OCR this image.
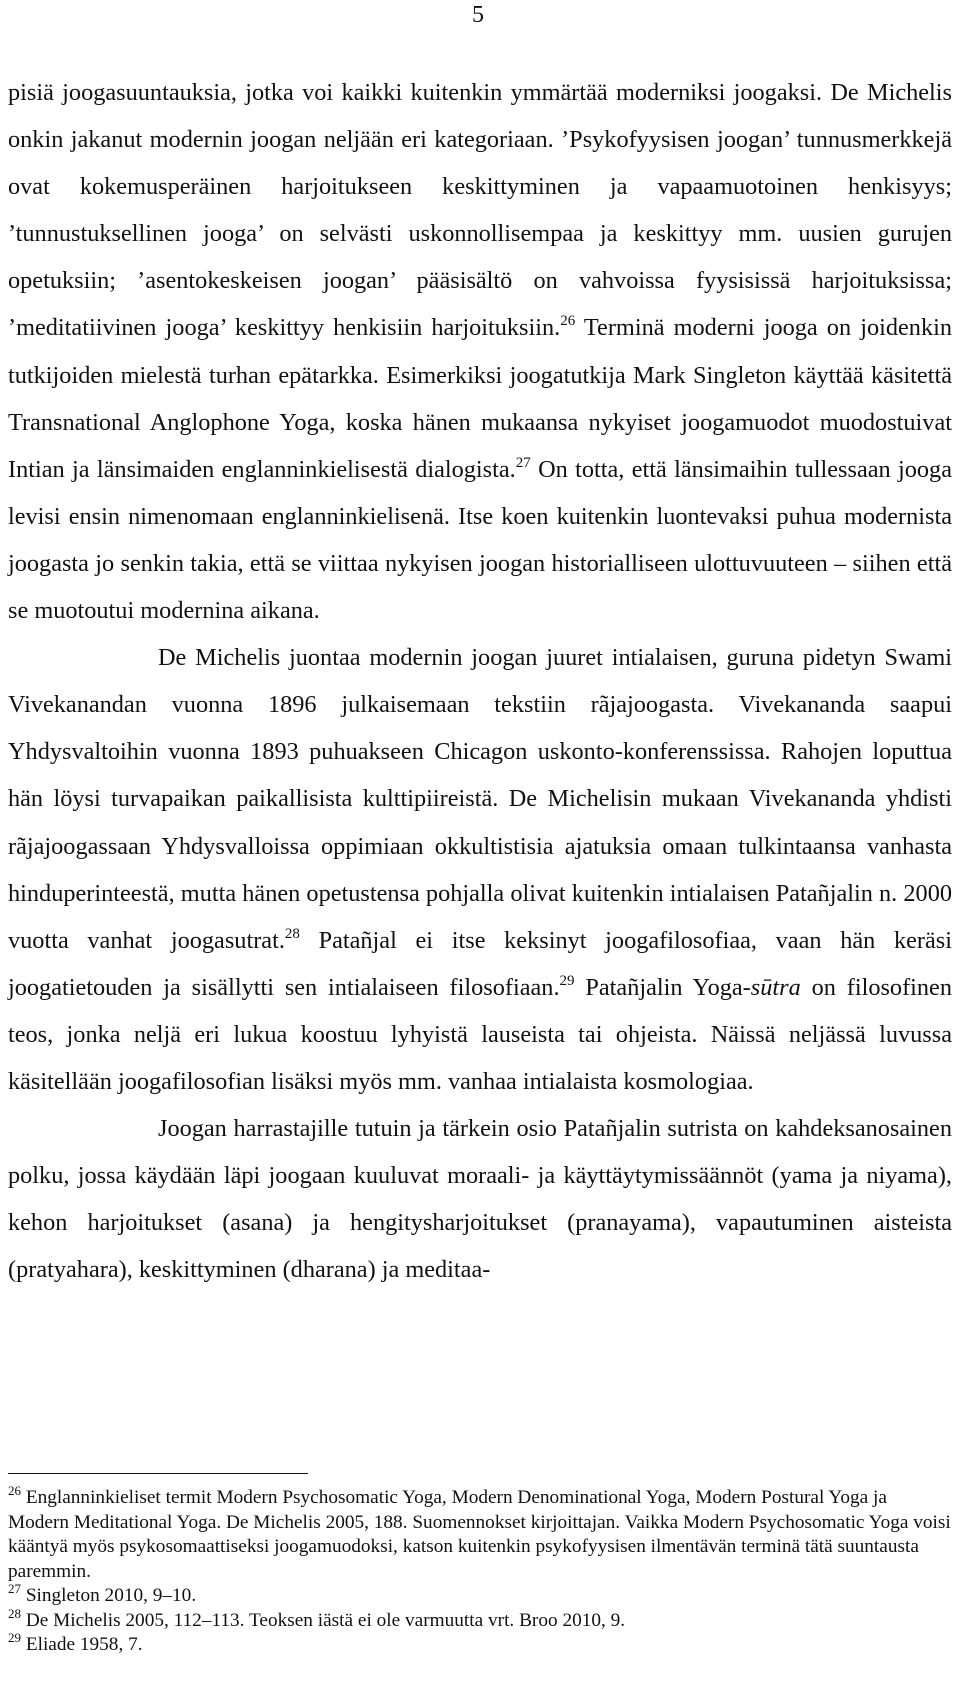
5

pisiä joogasuuntauksia, jotka voi kaikki kuitenkin ymmärtää moderniksi joogaksi. De Michelis onkin jakanut modernin joogan neljään eri kategoriaan. ’Psykofyysisen joogan’ tunnusmerkkejä ovat kokemusperäinen harjoitukseen keskittyminen ja vapaamuotoinen henkisyys; ’tunnustuksellinen jooga’ on selvästi uskonnollisempaa ja keskittyy mm. uusien gurujen opetuksiin; ’asentokeskeisen joogan’ pääsisältö on vahvoissa fyysisissä harjoituksissa; ’meditatiivinen jooga’ keskittyy henkisiin harjoituksiin.$^{26}$ Terminä moderni jooga on joidenkin tutkijoiden mielestä turhan epätarkka. Esimerkiksi joogatutkija Mark Singleton käyttää käsitettä Transnational Anglophone Yoga, koska hänen mukaansa nykyiset joogamuodot muodostuivat Intian ja länsimaiden englanninkielisestä dialogista.$^{27}$ On totta, että länsimaihin tullessaan jooga levisi ensin nimenomaan englanninkielisenä. Itse koen kuitenkin luontevaksi puhua modernista joogasta jo senkin takia, että se viittaa nykyisen joogan historialliseen ulottuvuuteen – siihen että se muotoutui modernina aikana.

De Michelis juontaa modernin joogan juuret intialaisen, guruna pidetyn Swami Vivekanandan vuonna 1896 julkaisemaan tekstiin rãjajoogasta. Vivekananda saapui Yhdysvaltoihin vuonna 1893 puhuakseen Chicagon uskonto-konferenssissa. Rahojen loputtua hän löysi turvapaikan paikallisista kulttipiireistä. De Michelisin mukaan Vivekananda yhdisti rãjajoogassaan Yhdysvalloissa oppimiaan okkultistisia ajatuksia omaan tulkintaansa vanhasta hinduperinteestä, mutta hänen opetustensa pohjalla olivat kuitenkin intialaisen Patañjalin n. 2000 vuotta vanhat joogasutrat.$^{28}$ Patañjal ei itse keksinyt joogafilosofiaa, vaan hän keräsi joogatietouden ja sisällytti sen intialaiseen filosofiaan.$^{29}$ Patañjalin Yoga-sūtra on filosofinen teos, jonka neljä eri lukua koostuu lyhyistä lauseista tai ohjeista. Näissä neljässä luvussa käsitellään joogafilosofian lisäksi myös mm. vanhaa intialaista kosmologiaa.

Joogan harrastajille tutuin ja tärkein osio Patañjalin sutrista on kahdeksanosainen polku, jossa käydään läpi joogaan kuuluvat moraali- ja käyttäytymissäännöt (yama ja niyama), kehon harjoitukset (asana) ja hengitysharjoitukset (pranayama), vapautuminen aisteista (pratyahara), keskittyminen (dharana) ja meditaa-

$^{26}$ Englanninkieliset termit Modern Psychosomatic Yoga, Modern Denominational Yoga, Modern Postural Yoga ja Modern Meditational Yoga. De Michelis 2005, 188. Suomennokset kirjoittajan. Vaikka Modern Psychosomatic Yoga voisi kääntyä myös psykosomaattiseksi joogamuodoksi, katson kuitenkin psykofyysisen ilmentävän terminä tätä suuntausta paremmin.

$^{27}$ Singleton 2010, 9–10.

$^{28}$ De Michelis 2005, 112–113. Teoksen iästä ei ole varmuutta vrt. Broo 2010, 9.

$^{29}$ Eliade 1958, 7.
